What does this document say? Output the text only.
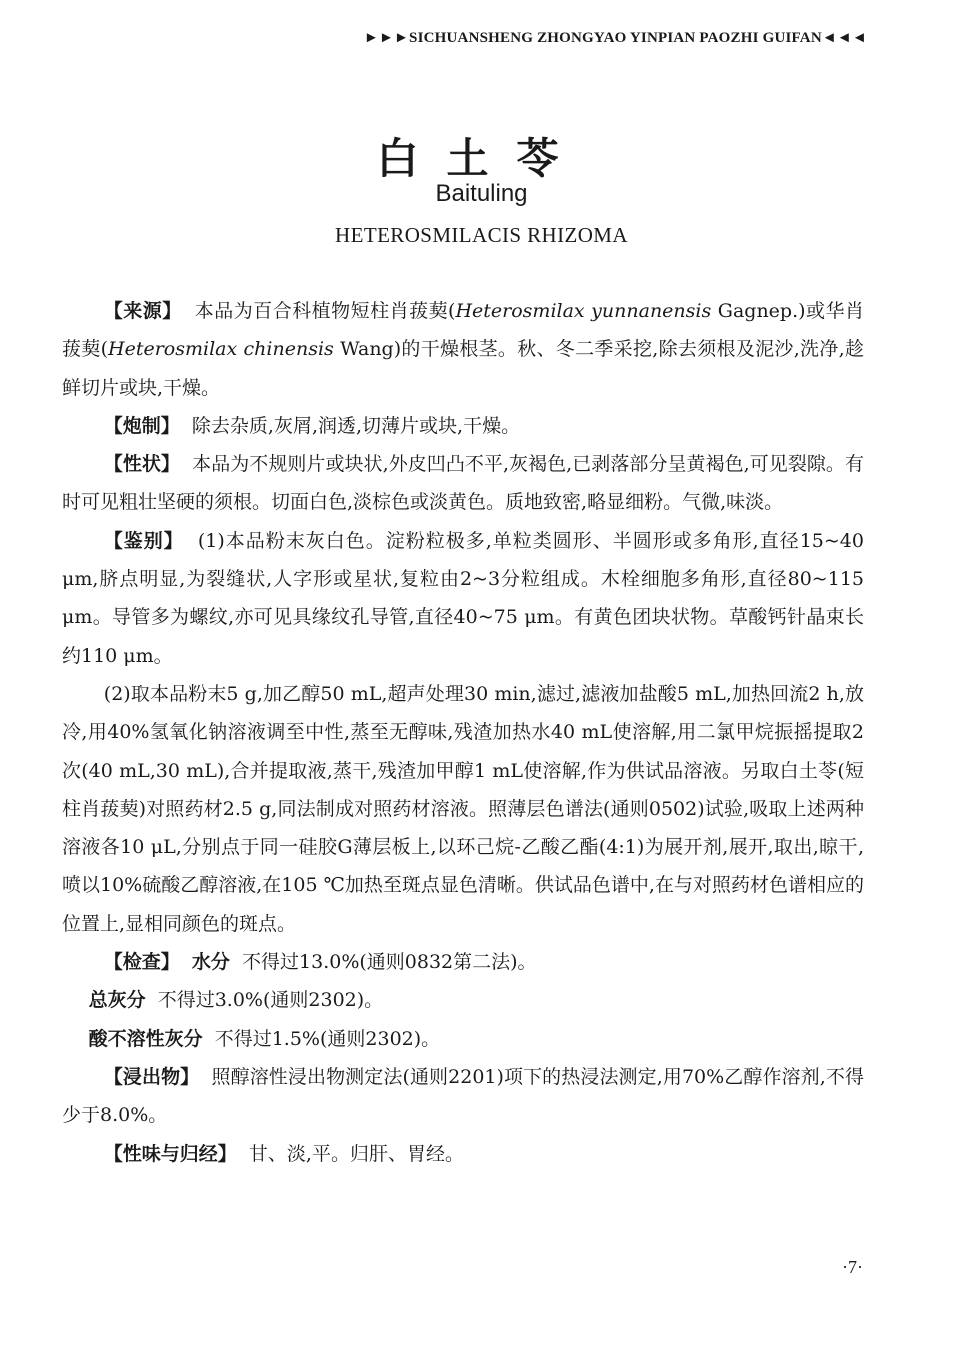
►►►SICHUANSHENG ZHONGYAO YINPIAN PAOZHI GUIFAN◄◄◄
白土苓
Baituling
HETEROSMILACIS RHIZOMA

【来源】 本品为百合科植物短柱肖菝葜(Heterosmilax yunnanensis Gagnep.)或华肖菝葜(Heterosmilax chinensis Wang)的干燥根茎。秋、冬二季采挖,除去须根及泥沙,洗净,趁鲜切片或块,干燥。

【炮制】 除去杂质,灰屑,润透,切薄片或块,干燥。

【性状】 本品为不规则片或块状,外皮凹凸不平,灰褐色,已剥落部分呈黄褐色,可见裂隙。有时可见粗壮坚硬的须根。切面白色,淡棕色或淡黄色。质地致密,略显细粉。气微,味淡。

【鉴别】 (1)本品粉末灰白色。淀粉粒极多,单粒类圆形、半圆形或多角形,直径15~40 μm,脐点明显,为裂缝状,人字形或星状,复粒由2~3分粒组成。木栓细胞多角形,直径80~115 μm。导管多为螺纹,亦可见具缘纹孔导管,直径40~75 μm。有黄色团块状物。草酸钙针晶束长约110 μm。

(2)取本品粉末5 g,加乙醇50 mL,超声处理30 min,滤过,滤液加盐酸5 mL,加热回流2 h,放冷,用40%氢氧化钠溶液调至中性,蒸至无醇味,残渣加热水40 mL使溶解,用二氯甲烷振摇提取2次(40 mL,30 mL),合并提取液,蒸干,残渣加甲醇1 mL使溶解,作为供试品溶液。另取白土苓(短柱肖菝葜)对照药材2.5 g,同法制成对照药材溶液。照薄层色谱法(通则0502)试验,吸取上述两种溶液各10 μL,分别点于同一硅胶G薄层板上,以环己烷-乙酸乙酯(4:1)为展开剂,展开,取出,晾干,喷以10%硫酸乙醇溶液,在105 ℃加热至斑点显色清晰。供试品色谱中,在与对照药材色谱相应的位置上,显相同颜色的斑点。

【检查】 水分 不得过13.0%(通则0832第二法)。

总灰分 不得过3.0%(通则2302)。

酸不溶性灰分 不得过1.5%(通则2302)。

【浸出物】 照醇溶性浸出物测定法(通则2201)项下的热浸法测定,用70%乙醇作溶剂,不得少于8.0%。

【性味与归经】 甘、淡,平。归肝、胃经。

·7·
